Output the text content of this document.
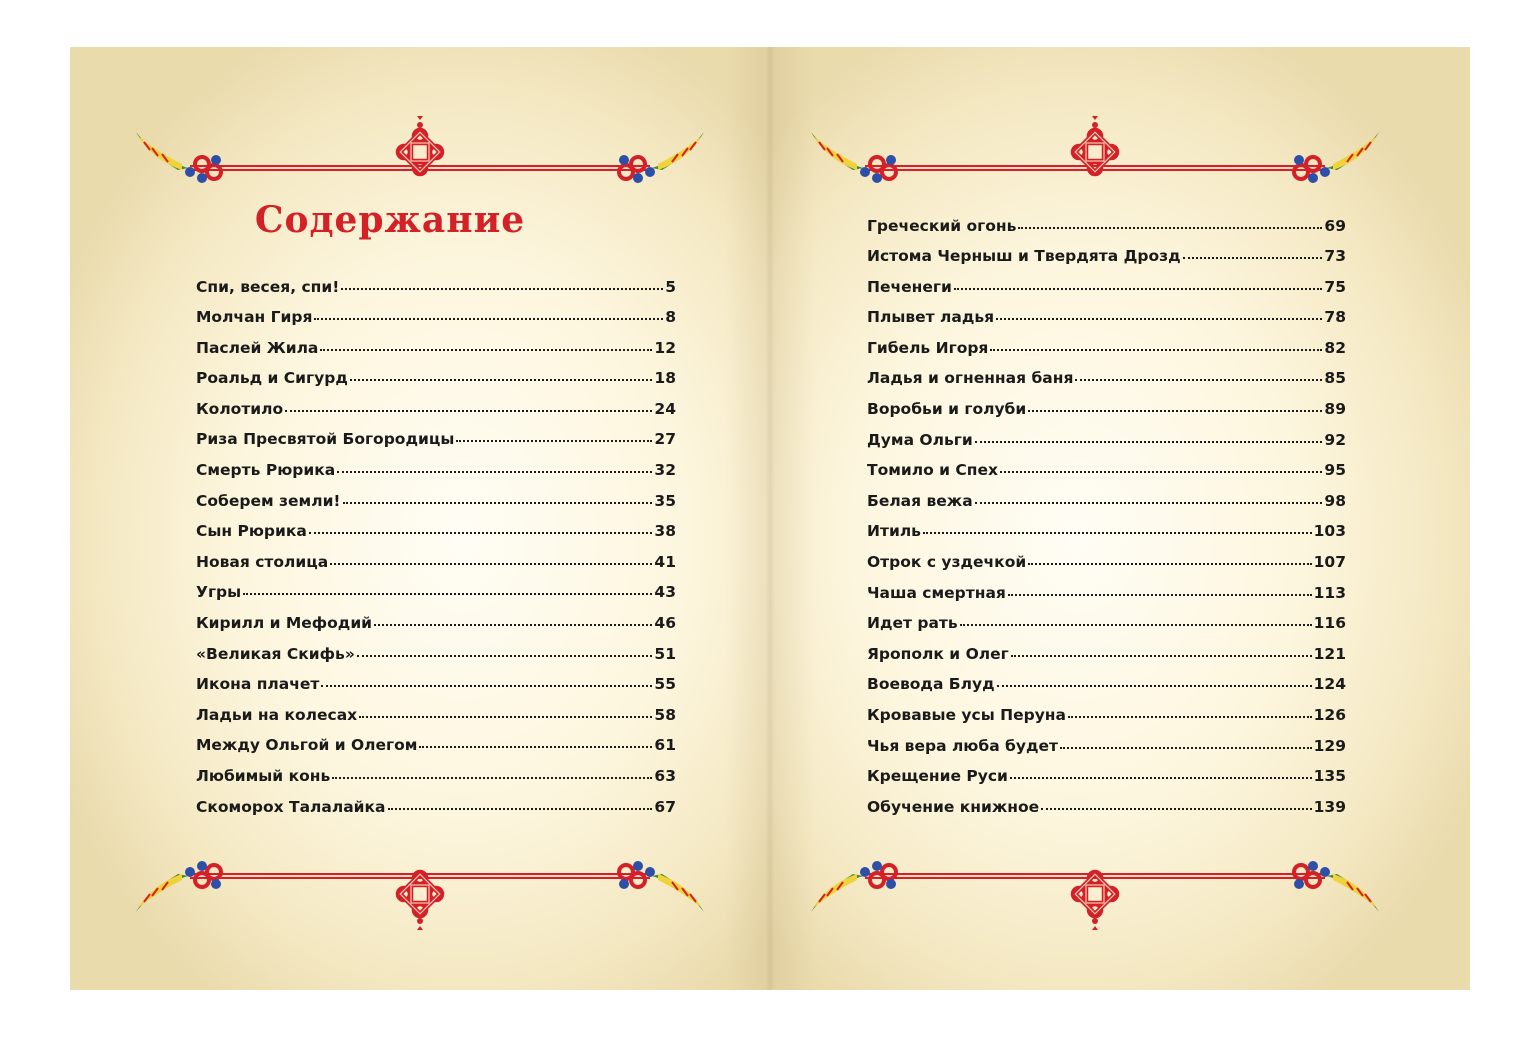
Содержание
Спи, весея, спи!	5
Молчан Гиря	8
Паслей Жила	12
Роальд и Сигурд	18
Колотило	24
Риза Пресвятой Богородицы	27
Смерть Рюрика	32
Соберем земли!	35
Сын Рюрика	38
Новая столица	41
Угры	43
Кирилл и Мефодий	46
«Великая Скифь»	51
Икона плачет	55
Ладьи на колесах	58
Между Ольгой и Олегом	61
Любимый конь	63
Скоморох Талалайка	67
Греческий огонь	69
Истома Черныш и Твердята Дрозд	73
Печенеги	75
Плывет ладья	78
Гибель Игоря	82
Ладья и огненная баня	85
Воробьи и голуби	89
Дума Ольги	92
Томило и Спех	95
Белая вежа	98
Итиль	103
Отрок с уздечкой	107
Чаша смертная	113
Идет рать	116
Ярополк и Олег	121
Воевода Блуд	124
Кровавые усы Перуна	126
Чья вера люба будет	129
Крещение Руси	135
Обучение книжное	139
